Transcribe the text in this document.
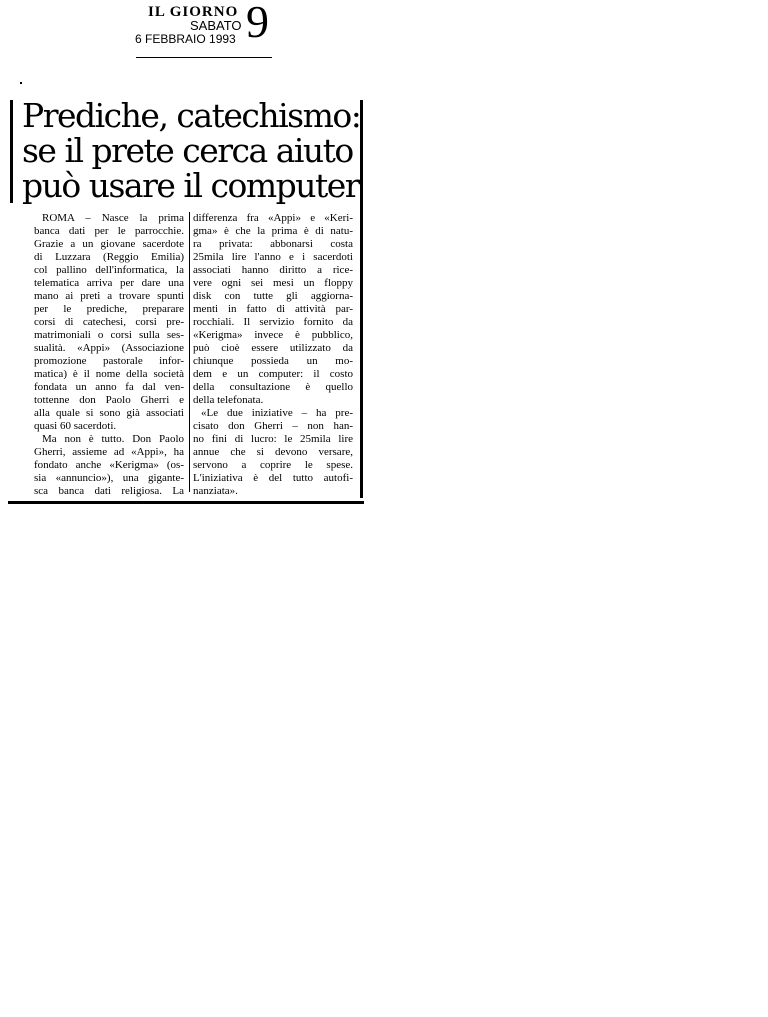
IL GIORNO
SABATO
6 FEBBRAIO 1993 9
Prediche, catechismo:
se il prete cerca aiuto
può usare il computer
ROMA – Nasce la prima
banca dati per le parrocchie.
Grazie a un giovane sacerdote
di Luzzara (Reggio Emilia)
col pallino dell'informatica, la
telematica arriva per dare una
mano ai preti a trovare spunti
per le prediche, preparare
corsi di catechesi, corsi pre-
matrimoniali o corsi sulla ses-
sualità. «Appi» (Associazione
promozione pastorale infor-
matica) è il nome della società
fondata un anno fa dal ven-
tottenne don Paolo Gherri e
alla quale si sono già associati
quasi 60 sacerdoti.
Ma non è tutto. Don Paolo
Gherri, assieme ad «Appi», ha
fondato anche «Kerigma» (os-
sia «annuncio»), una gigante-
sca banca dati religiosa. La
differenza fra «Appi» e «Keri-
gma» è che la prima è di natu-
ra privata: abbonarsi costa
25mila lire l'anno e i sacerdoti
associati hanno diritto a rice-
vere ogni sei mesi un floppy
disk con tutte gli aggiorna-
menti in fatto di attività par-
rocchiali. Il servizio fornito da
«Kerigma» invece è pubblico,
può cioè essere utilizzato da
chiunque possieda un mo-
dem e un computer: il costo
della consultazione è quello
della telefonata.
«Le due iniziative – ha pre-
cisato don Gherri – non han-
no fini di lucro: le 25mila lire
annue che si devono versare,
servono a coprire le spese.
L'iniziativa è del tutto autofi-
nanziata».
